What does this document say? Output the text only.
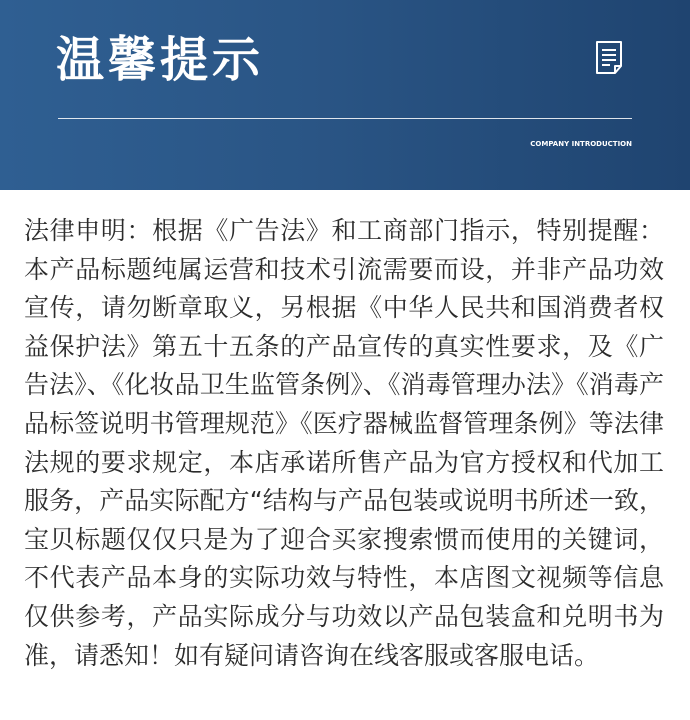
温馨提示
COMPANY INTRODUCTION

法律申明：根据《广告法》和工商部门指示，特别提醒：本产品标题纯属运营和技术引流需要而设，并非产品功效宣传，请勿断章取义，另根据《中华人民共和国消费者权益保护法》第五十五条的产品宣传的真实性要求，及《广告法》、《化妆品卫生监管条例》、《消毒管理办法》《消毒产品标签说明书管理规范》《医疗器械监督管理条例》等法律法规的要求规定，本店承诺所售产品为官方授权和代加工服务，产品实际配方“结构与产品包装或说明书所述一致，宝贝标题仅仅只是为了迎合买家搜索惯而使用的关键词，不代表产品本身的实际功效与特性，本店图文视频等信息仅供参考，产品实际成分与功效以产品包装盒和兑明书为准，请悉知！如有疑问请咨询在线客服或客服电话。
